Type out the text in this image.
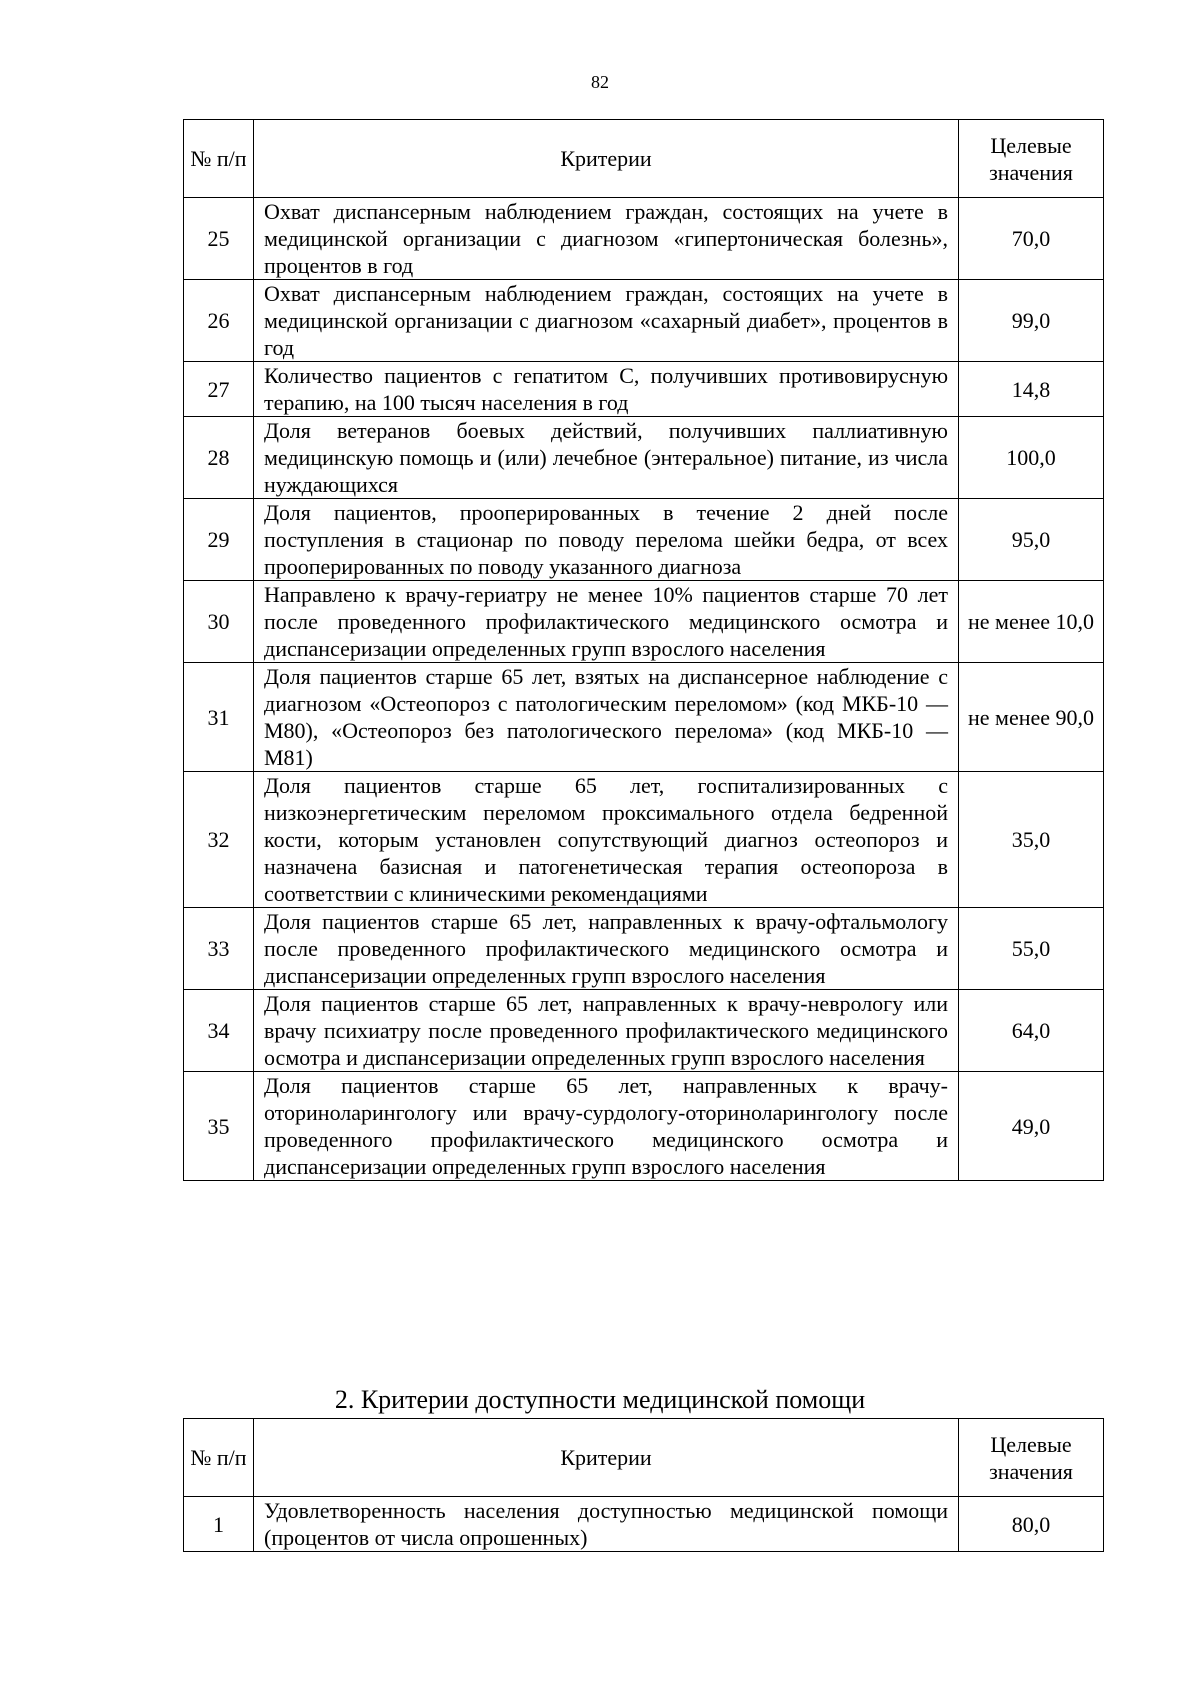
82
№ п/п	Критерии	Целевые значения
25	Охват диспансерным наблюдением граждан, состоящих на учете в медицинской организации с диагнозом «гипертоническая болезнь», процентов в год	70,0
26	Охват диспансерным наблюдением граждан, состоящих на учете в медицинской организации с диагнозом «сахарный диабет», процентов в год	99,0
27	Количество пациентов с гепатитом С, получивших противовирусную терапию, на 100 тысяч населения в год	14,8
28	Доля ветеранов боевых действий, получивших паллиативную медицинскую помощь и (или) лечебное (энтеральное) питание, из числа нуждающихся	100,0
29	Доля пациентов, прооперированных в течение 2 дней после поступления в стационар по поводу перелома шейки бедра, от всех прооперированных по поводу указанного диагноза	95,0
30	Направлено к врачу-гериатру не менее 10% пациентов старше 70 лет после проведенного профилактического медицинского осмотра и диспансеризации определенных групп взрослого населения	не менее 10,0
31	Доля пациентов старше 65 лет, взятых на диспансерное наблюдение с диагнозом «Остеопороз с патологическим переломом» (код МКБ-10 — М80), «Остеопороз без патологического перелома» (код МКБ-10 — М81)	не менее 90,0
32	Доля пациентов старше 65 лет, госпитализированных с низкоэнергетическим переломом проксимального отдела бедренной кости, которым установлен сопутствующий диагноз остеопороз и назначена базисная и патогенетическая терапия остеопороза в соответствии с клиническими рекомендациями	35,0
33	Доля пациентов старше 65 лет, направленных к врачу-офтальмологу после проведенного профилактического медицинского осмотра и диспансеризации определенных групп взрослого населения	55,0
34	Доля пациентов старше 65 лет, направленных к врачу-неврологу или врачу психиатру после проведенного профилактического медицинского осмотра и диспансеризации определенных групп взрослого населения	64,0
35	Доля пациентов старше 65 лет, направленных к врачу-оториноларингологу или врачу-сурдологу-оториноларингологу после проведенного профилактического медицинского осмотра и диспансеризации определенных групп взрослого населения	49,0
2. Критерии доступности медицинской помощи
№ п/п	Критерии	Целевые значения
1	Удовлетворенность населения доступностью медицинской помощи (процентов от числа опрошенных)	80,0
